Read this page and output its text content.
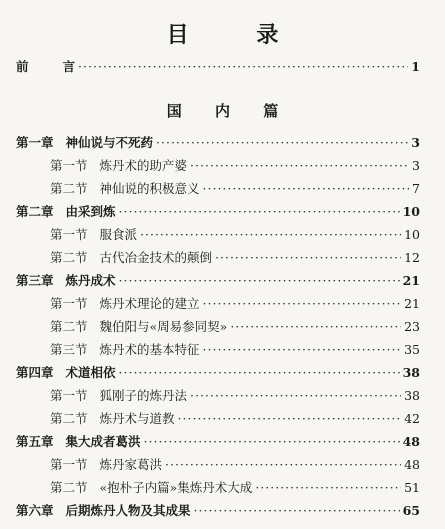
目 录
前	言 ·····	1
国 内 篇
第一章 神仙说与不死药 ·····	3
第一节 炼丹术的助产婆 ·····	3
第二节 神仙说的积极意义 ·····	7
第二章 由采到炼 ·····	10
第一节 服食派 ·····	10
第二节 古代冶金技术的颠倒 ·····	12
第三章 炼丹成术 ·····	21
第一节 炼丹术理论的建立 ·····	21
第二节 魏伯阳与«周易参同契» ·····	23
第三节 炼丹术的基本特征 ·····	35
第四章 术道相依 ·····	38
第一节 狐刚子的炼丹法 ·····	38
第二节 炼丹术与道教 ·····	42
第五章 集大成者葛洪 ·····	48
第一节 炼丹家葛洪 ·····	48
第二节 «抱朴子内篇»集炼丹术大成 ·····	51
第六章 后期炼丹人物及其成果 ·····	65
